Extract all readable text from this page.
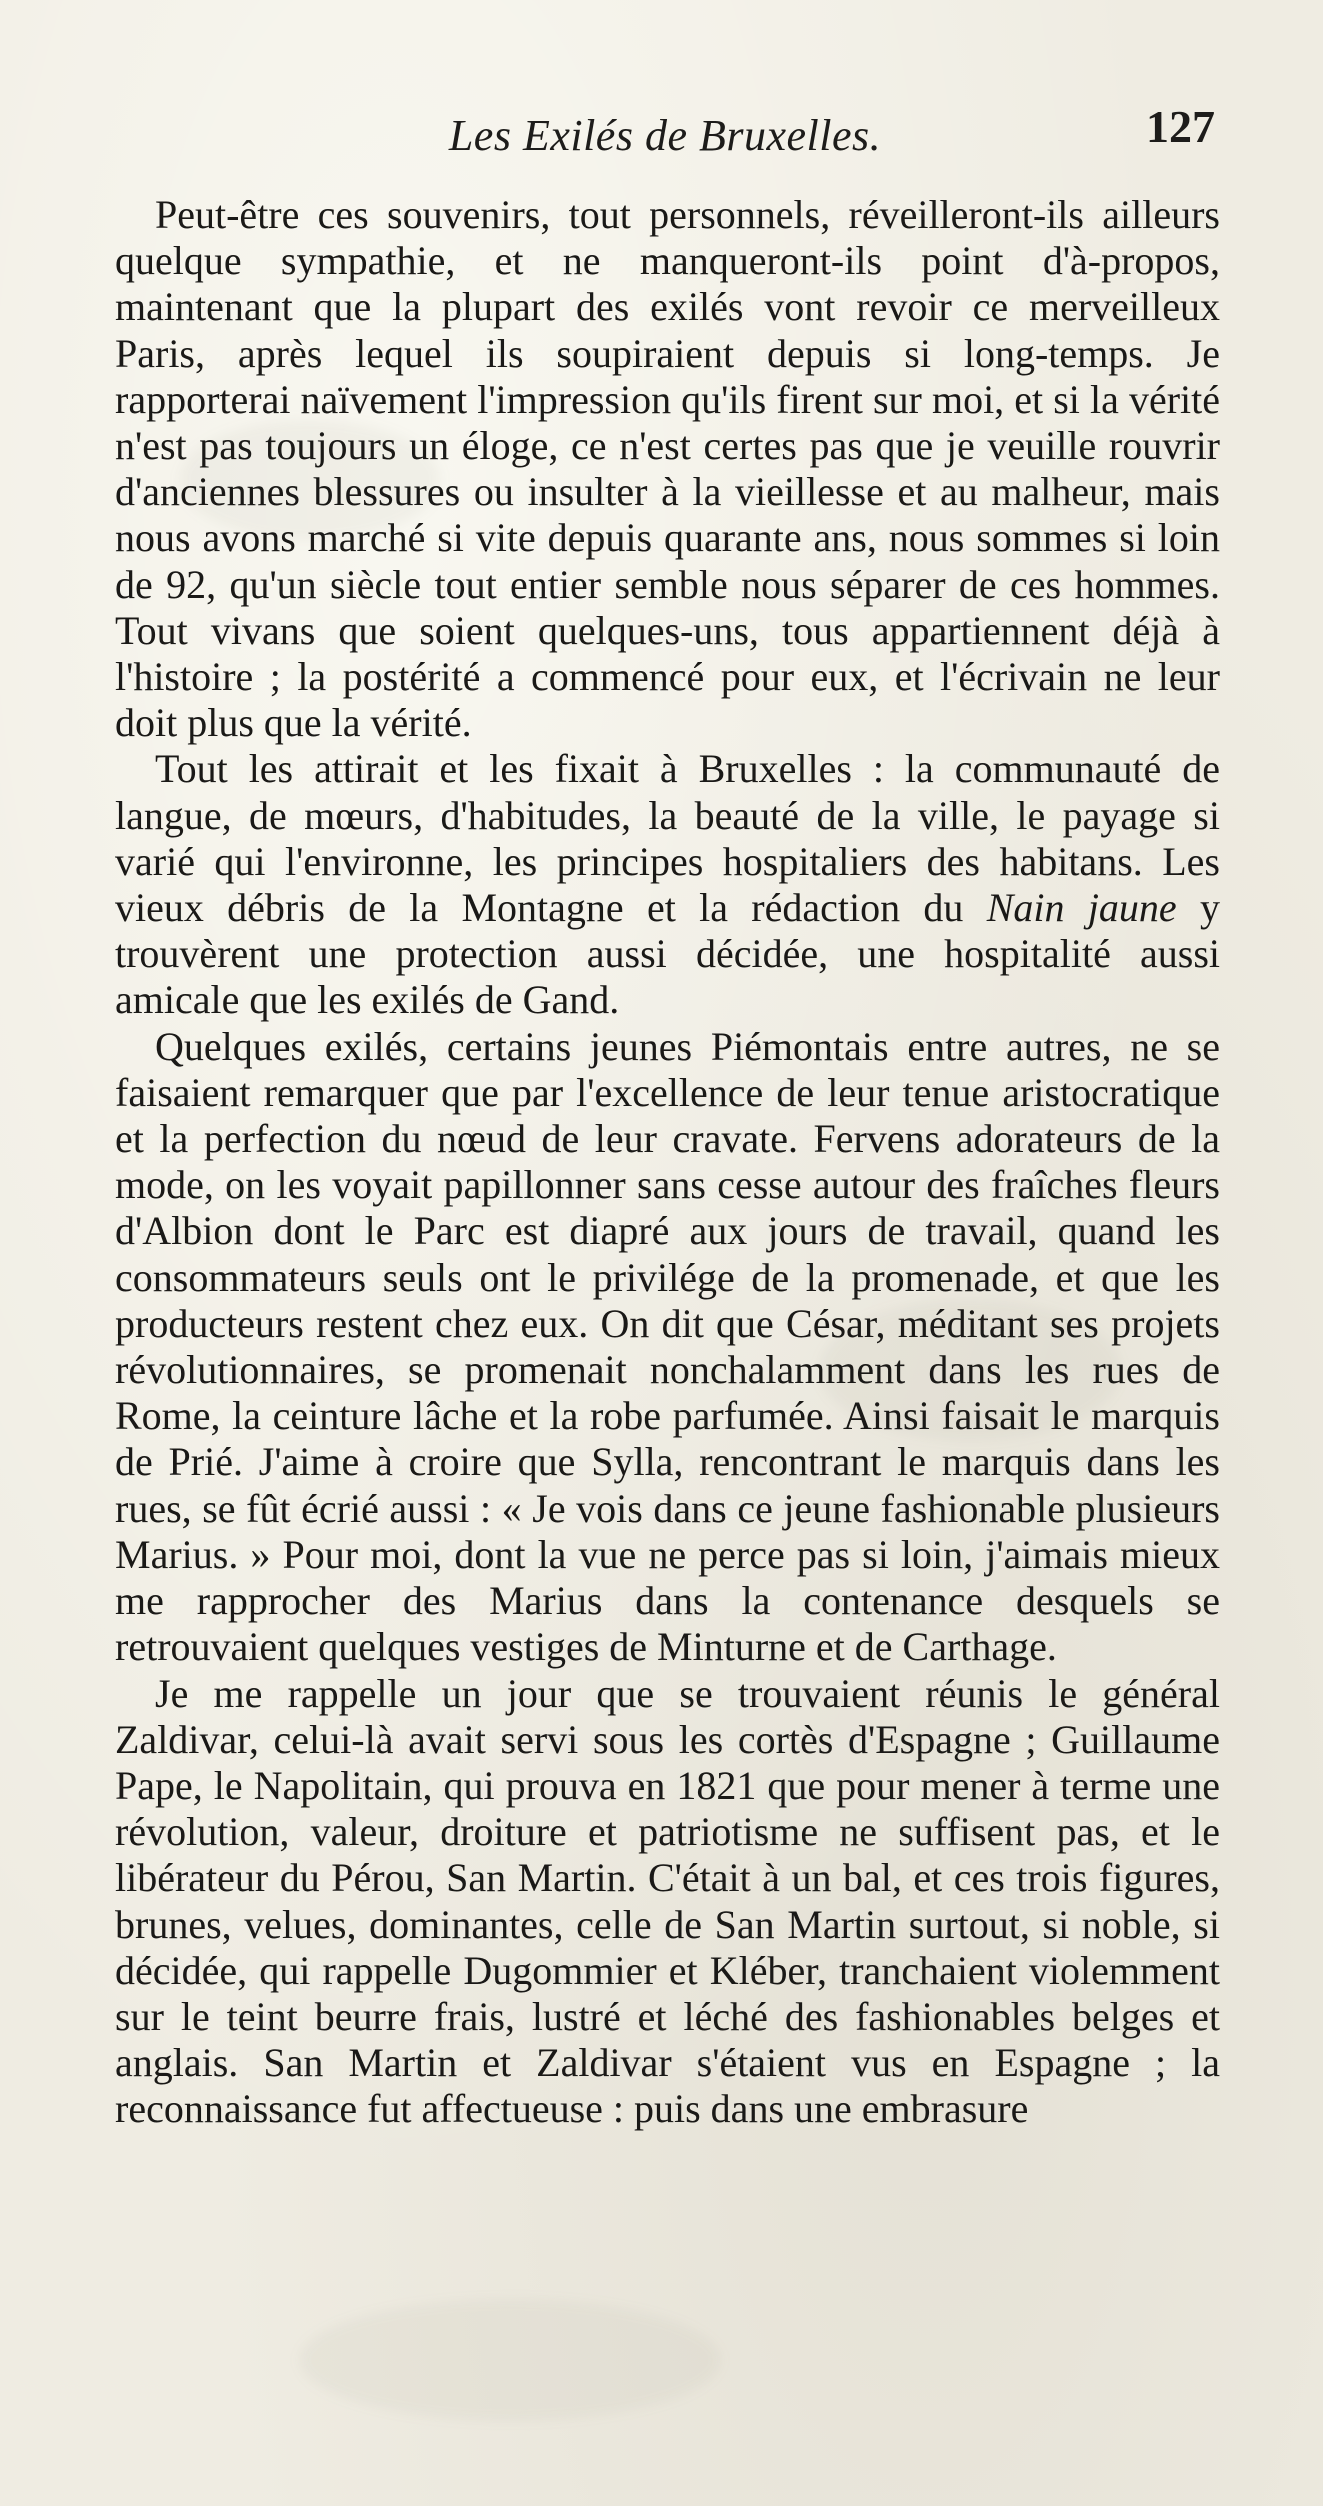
Les Exilés de Bruxelles.	127

Peut-être ces souvenirs, tout personnels, réveilleront-ils ailleurs quelque sympathie, et ne manqueront-ils point d'à-propos, maintenant que la plupart des exilés vont revoir ce merveilleux Paris, après lequel ils soupiraient depuis si long-temps. Je rapporterai naïvement l'impression qu'ils firent sur moi, et si la vérité n'est pas toujours un éloge, ce n'est certes pas que je veuille rouvrir d'anciennes blessures ou insulter à la vieillesse et au malheur, mais nous avons marché si vite depuis quarante ans, nous sommes si loin de 92, qu'un siècle tout entier semble nous séparer de ces hommes. Tout vivans que soient quelques-uns, tous appartiennent déjà à l'histoire ; la postérité a commencé pour eux, et l'écrivain ne leur doit plus que la vérité.

Tout les attirait et les fixait à Bruxelles : la communauté de langue, de mœurs, d'habitudes, la beauté de la ville, le payage si varié qui l'environne, les principes hospitaliers des habitans. Les vieux débris de la Montagne et la rédaction du Nain jaune y trouvèrent une protection aussi décidée, une hospitalité aussi amicale que les exilés de Gand.

Quelques exilés, certains jeunes Piémontais entre autres, ne se faisaient remarquer que par l'excellence de leur tenue aristocratique et la perfection du nœud de leur cravate. Fervens adorateurs de la mode, on les voyait papillonner sans cesse autour des fraîches fleurs d'Albion dont le Parc est diapré aux jours de travail, quand les consommateurs seuls ont le privilége de la promenade, et que les producteurs restent chez eux. On dit que César, méditant ses projets révolutionnaires, se promenait nonchalamment dans les rues de Rome, la ceinture lâche et la robe parfumée. Ainsi faisait le marquis de Prié. J'aime à croire que Sylla, rencontrant le marquis dans les rues, se fût écrié aussi : « Je vois dans ce jeune fashionable plusieurs Marius. » Pour moi, dont la vue ne perce pas si loin, j'aimais mieux me rapprocher des Marius dans la contenance desquels se retrouvaient quelques vestiges de Minturne et de Carthage.

Je me rappelle un jour que se trouvaient réunis le général Zaldivar, celui-là avait servi sous les cortès d'Espagne ; Guillaume Pape, le Napolitain, qui prouva en 1821 que pour mener à terme une révolution, valeur, droiture et patriotisme ne suffisent pas, et le libérateur du Pérou, San Martin. C'était à un bal, et ces trois figures, brunes, velues, dominantes, celle de San Martin surtout, si noble, si décidée, qui rappelle Dugommier et Kléber, tranchaient violemment sur le teint beurre frais, lustré et léché des fashionables belges et anglais. San Martin et Zaldivar s'étaient vus en Espagne ; la reconnaissance fut affectueuse : puis dans une embrasure
